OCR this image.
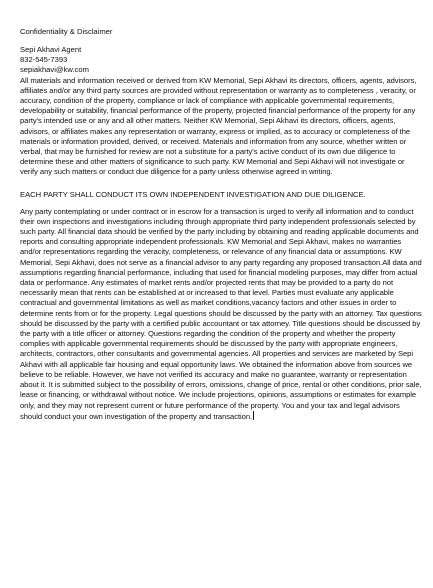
Confidentiality & Disclaimer

Sepi Akhavi Agent
832-545-7393
sepiakhavi@kw.com

All materials and information received or derived from KW Memorial, Sepi Akhavi its directors, officers, agents, advisors, affiliates and/or any third party sources are provided without representation or warranty as to completeness , veracity, or accuracy, condition of the property, compliance or lack of compliance with applicable governmental requirements, developability or suitability, financial performance of the property, projected financial performance of the property for any party's intended use or any and all other matters. Neither KW Memorial, Sepi Akhavi its directors, officers, agents, advisors, or affiliates makes any representation or warranty, express or implied, as to accuracy or completeness of the materials or information provided, derived, or received. Materials and information from any source, whether written or verbal, that may be furnished for review are not a substitute for a party's active conduct of its own due diligence to determine these and other matters of significance to such party. KW Memorial and Sepi Akhavi will not investigate or verify any such matters or conduct due diligence for a party unless otherwise agreed in writing.

EACH PARTY SHALL CONDUCT ITS OWN INDEPENDENT INVESTIGATION AND DUE DILIGENCE.

Any party contemplating or under contract or in escrow for a transaction is urged to verify all information and to conduct their own inspections and investigations including through appropriate third party independent professionals selected by such party. All financial data should be verified by the party including by obtaining and reading applicable documents and reports and consulting appropriate independent professionals. KW Memorial and Sepi Akhavi, makes no warranties and/or representations regarding the veracity, completeness, or relevance of any financial data or assumptions. KW Memorial, Sepi Akhavi, does not serve as a financial advisor to any party regarding any proposed transaction.All data and assumptions regarding financial performance, including that used for financial modeling purposes, may differ from actual data or performance. Any estimates of market rents and/or projected rents that may be provided to a party do not necessarily mean that rents can be established at or increased to that level. Parties must evaluate any applicable contractual and governmental limitations as well as market conditions,vacancy factors and other issues in order to determine rents from or for the property. Legal questions should be discussed by the party with an attorney. Tax questions should be discussed by the party with a certified public accountant or tax attorney. Title questions should be discussed by the party with a title officer or attorney. Questions regarding the condition of the property and whether the property complies with applicable governmental requirements should be discussed by the party with appropriate engineers, architects, contractors, other consultants and governmental agencies. All properties and services are marketed by Sepi Akhavi with all applicable fair housing and equal opportunity laws. We obtained the information above from sources we believe to be reliable. However, we have not verified its accuracy and make no guarantee, warranty or representation about it. It is submitted subject to the possibility of errors, omissions, change of price, rental or other conditions, prior sale, lease or financing, or withdrawal without notice. We include projections, opinions, assumptions or estimates for example only, and they may not represent current or future performance of the property. You and your tax and legal advisors should conduct your own investigation of the property and transaction.
